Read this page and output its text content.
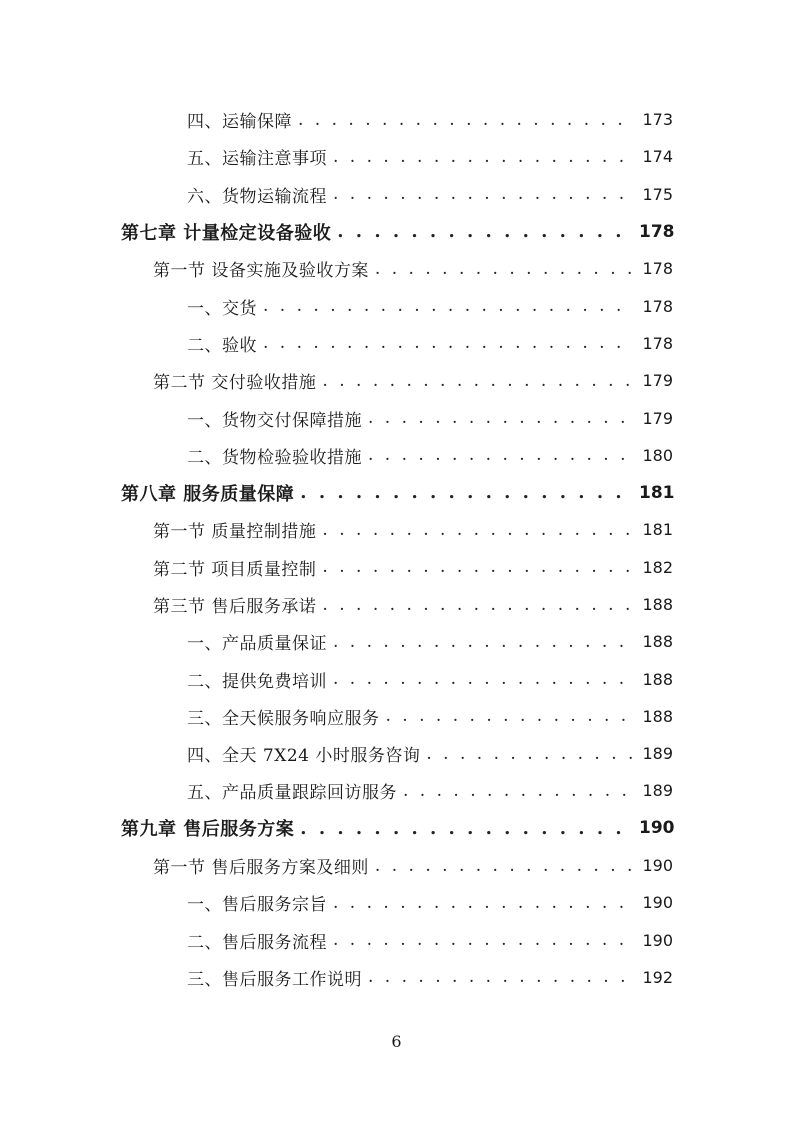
四、运输保障 . . .	173
五、运输注意事项 . . .	174
六、货物运输流程 . . .	175
第七章 计量检定设备验收 . . .	178
第一节 设备实施及验收方案 . . .	178
一、交货 . . .	178
二、验收 . . .	178
第二节 交付验收措施 . . .	179
一、货物交付保障措施 . . .	179
二、货物检验验收措施 . . .	180
第八章 服务质量保障 . . .	181
第一节 质量控制措施 . . .	181
第二节 项目质量控制 . . .	182
第三节 售后服务承诺 . . .	188
一、产品质量保证 . . .	188
二、提供免费培训 . . .	188
三、全天候服务响应服务 . . .	188
四、全天 7X24 小时服务咨询 . . .	189
五、产品质量跟踪回访服务 . . .	189
第九章 售后服务方案 . . .	190
第一节 售后服务方案及细则 . . .	190
一、售后服务宗旨 . . .	190
二、售后服务流程 . . .	190
三、售后服务工作说明 . . .	192
6
